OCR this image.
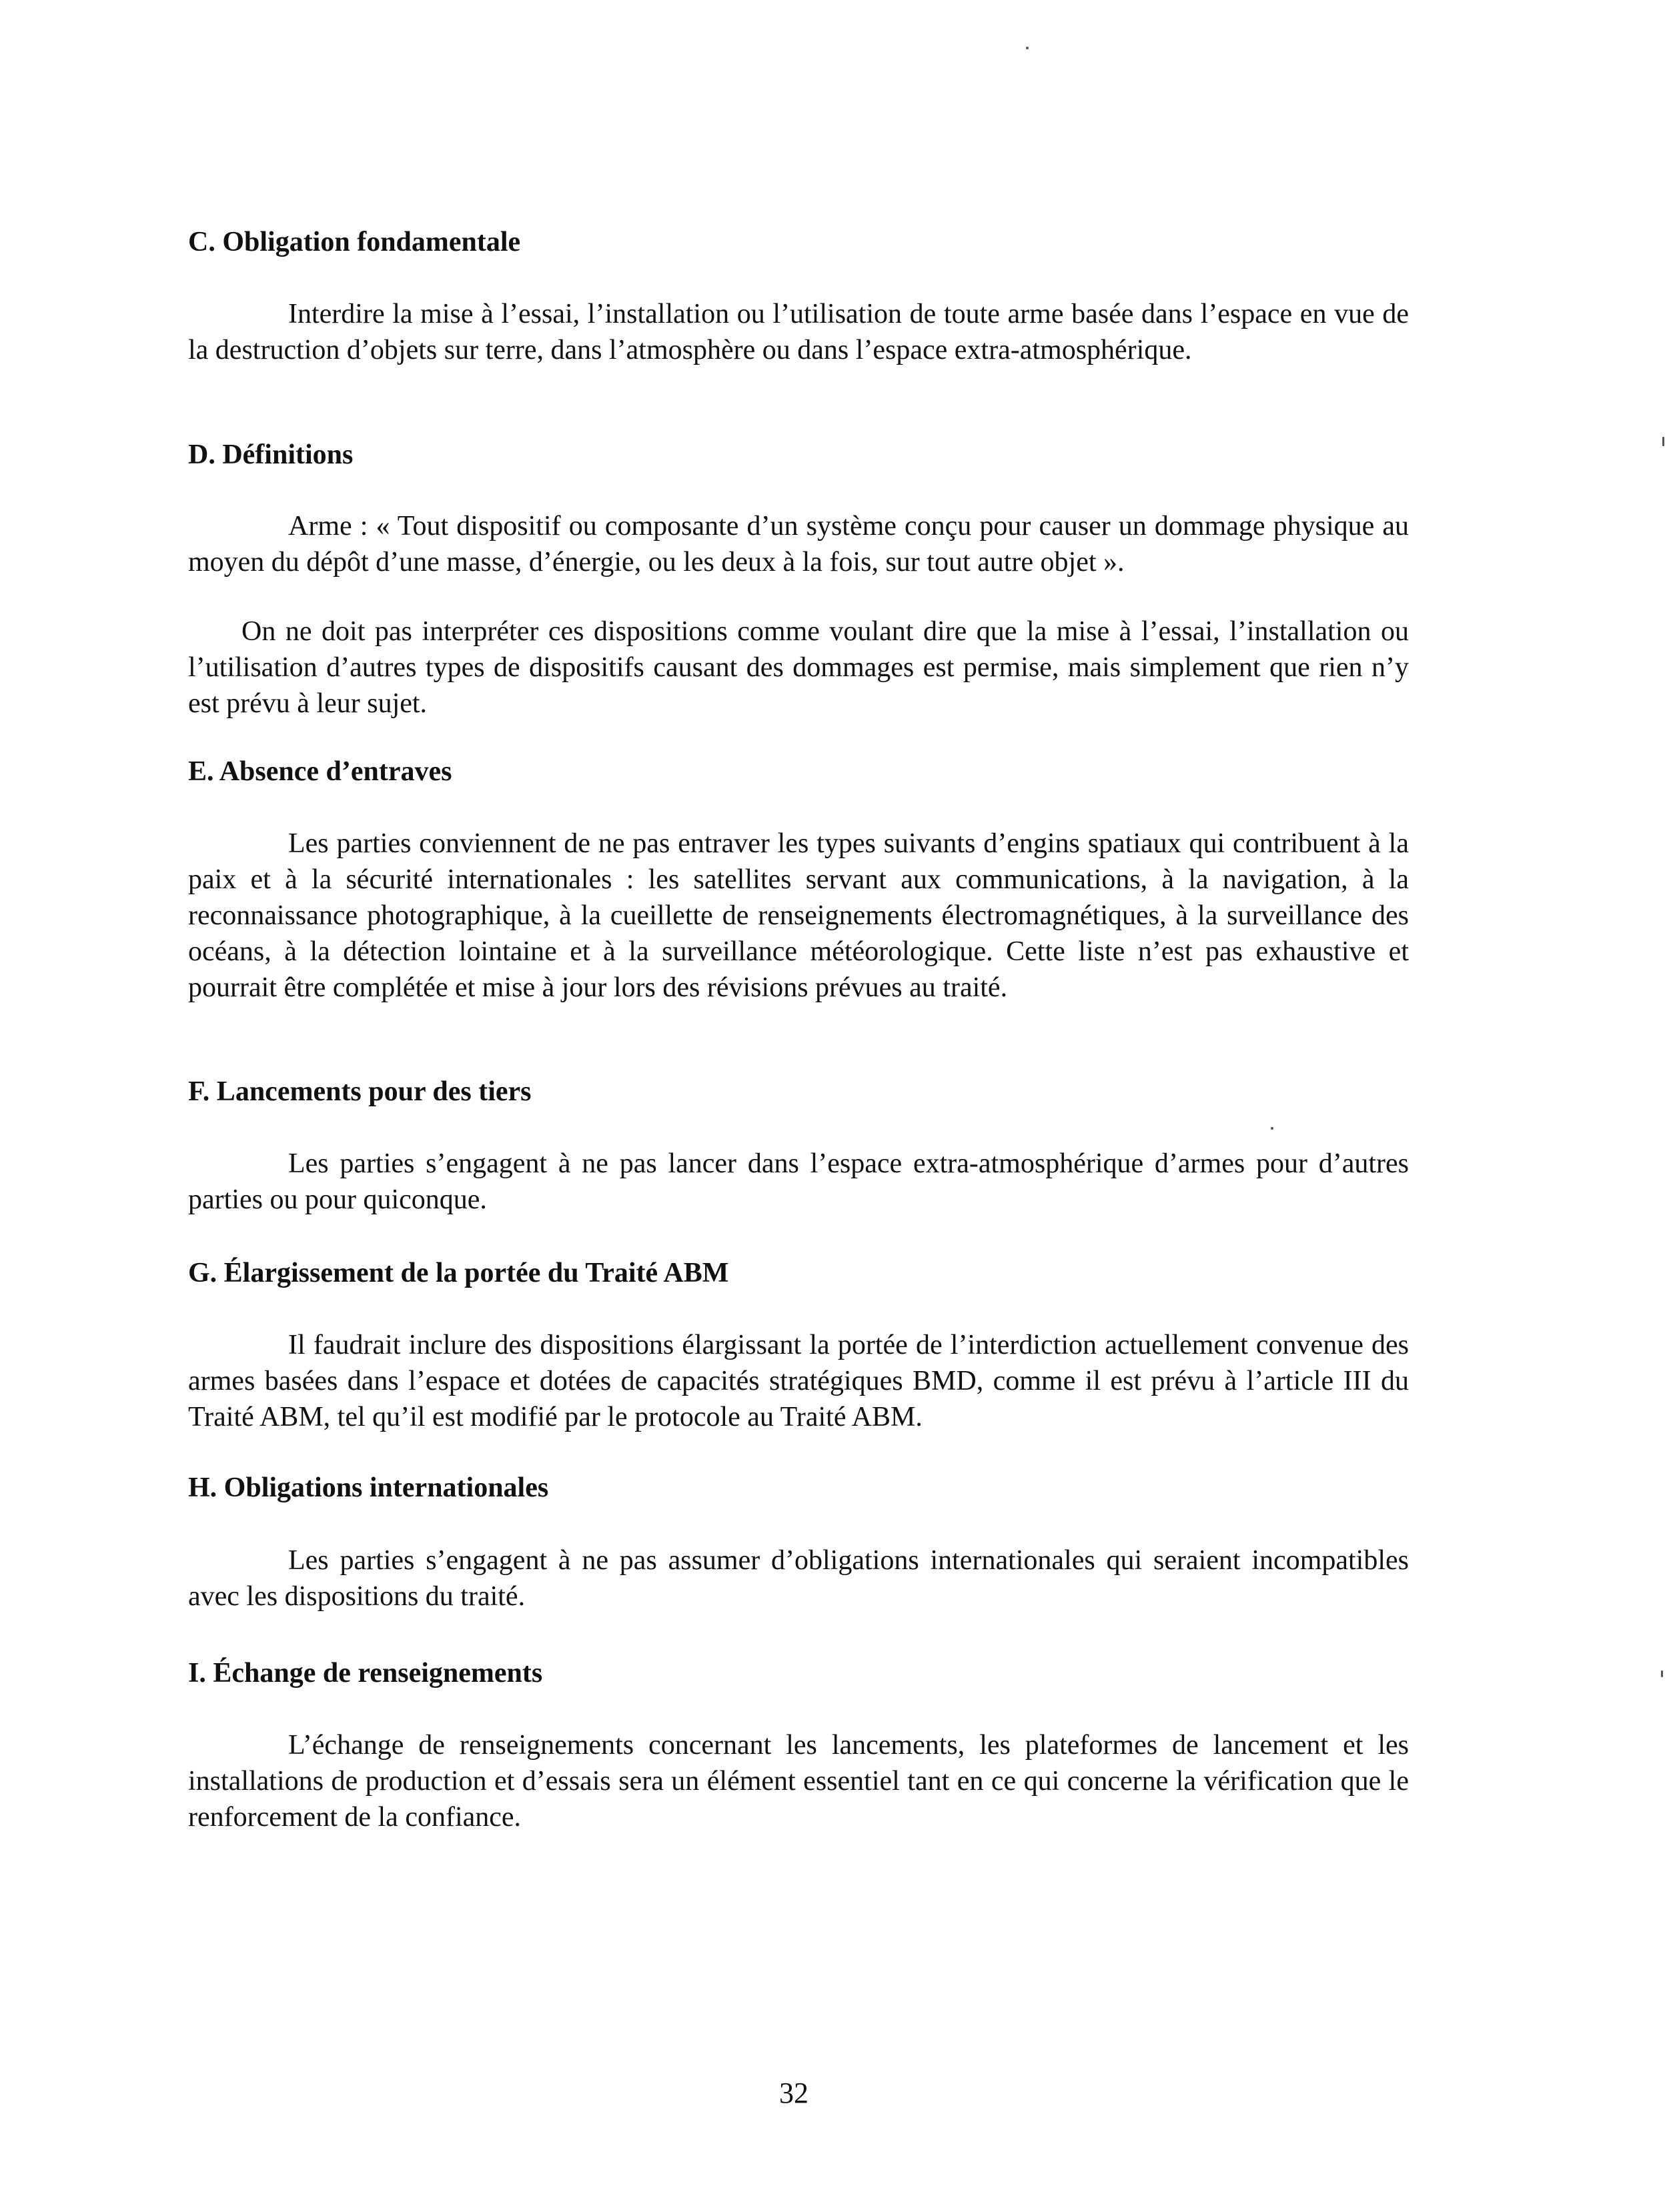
C. Obligation fondamentale

Interdire la mise à l’essai, l’installation ou l’utilisation de toute arme basée dans l’espace en vue de la destruction d’objets sur terre, dans l’atmosphère ou dans l’espace extra-atmosphérique.

D. Définitions

Arme : « Tout dispositif ou composante d’un système conçu pour causer un dommage physique au moyen du dépôt d’une masse, d’énergie, ou les deux à la fois, sur tout autre objet ».

On ne doit pas interpréter ces dispositions comme voulant dire que la mise à l’essai, l’installation ou l’utilisation d’autres types de dispositifs causant des dommages est permise, mais simplement que rien n’y est prévu à leur sujet.

E. Absence d’entraves

Les parties conviennent de ne pas entraver les types suivants d’engins spatiaux qui contribuent à la paix et à la sécurité internationales : les satellites servant aux communications, à la navigation, à la reconnaissance photographique, à la cueillette de renseignements électromagnétiques, à la surveillance des océans, à la détection lointaine et à la surveillance météorologique. Cette liste n’est pas exhaustive et pourrait être complétée et mise à jour lors des révisions prévues au traité.

F. Lancements pour des tiers

Les parties s’engagent à ne pas lancer dans l’espace extra-atmosphérique d’armes pour d’autres parties ou pour quiconque.

G. Élargissement de la portée du Traité ABM

Il faudrait inclure des dispositions élargissant la portée de l’interdiction actuellement convenue des armes basées dans l’espace et dotées de capacités stratégiques BMD, comme il est prévu à l’article III du Traité ABM, tel qu’il est modifié par le protocole au Traité ABM.

H. Obligations internationales

Les parties s’engagent à ne pas assumer d’obligations internationales qui seraient incompatibles avec les dispositions du traité.

I. Échange de renseignements

L’échange de renseignements concernant les lancements, les plateformes de lancement et les installations de production et d’essais sera un élément essentiel tant en ce qui concerne la vérification que le renforcement de la confiance.

32
